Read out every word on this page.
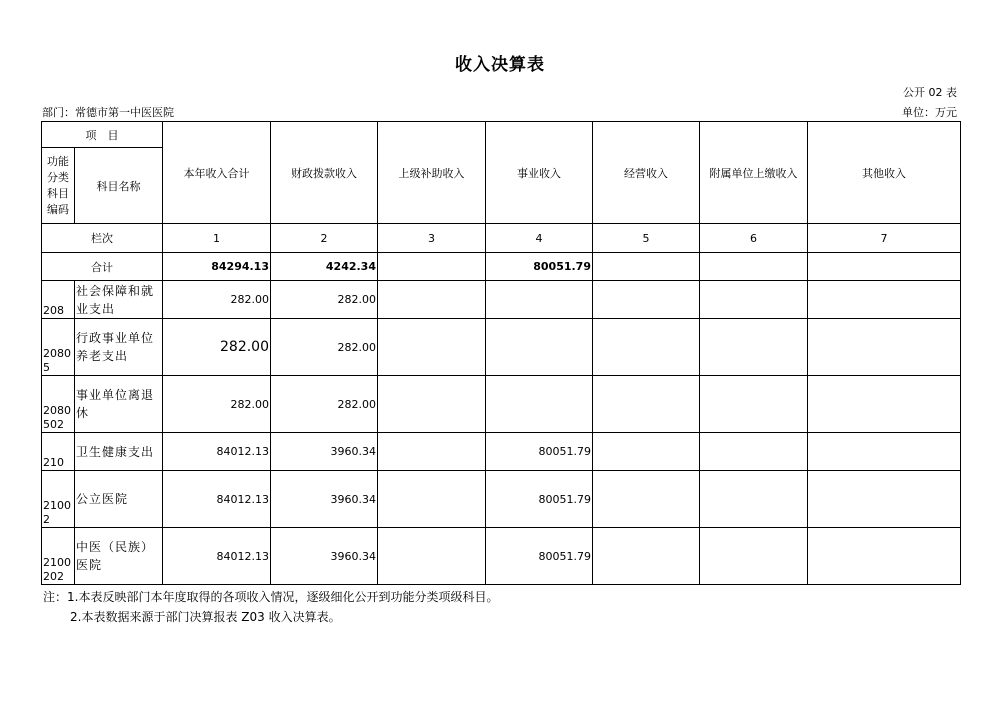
收入决算表
公开 02 表
部门：常德市第一中医医院	单位：万元
项　目		本年收入合计	财政拨款收入	上级补助收入	事业收入	经营收入	附属单位上缴收入	其他收入
功能分类科目编码	科目名称							
栏次		1	2	3	4	5	6	7
合计		84294.13	4242.34		80051.79			
208	社会保障和就业支出	282.00	282.00					
20805	行政事业单位养老支出	282.00	282.00					
2080502	事业单位离退休	282.00	282.00					
210	卫生健康支出	84012.13	3960.34		80051.79			
21002	公立医院	84012.13	3960.34		80051.79			
2100202	中医（民族）医院	84012.13	3960.34		80051.79			
注：1.本表反映部门本年度取得的各项收入情况，逐级细化公开到功能分类项级科目。
2.本表数据来源于部门决算报表 Z03 收入决算表。
